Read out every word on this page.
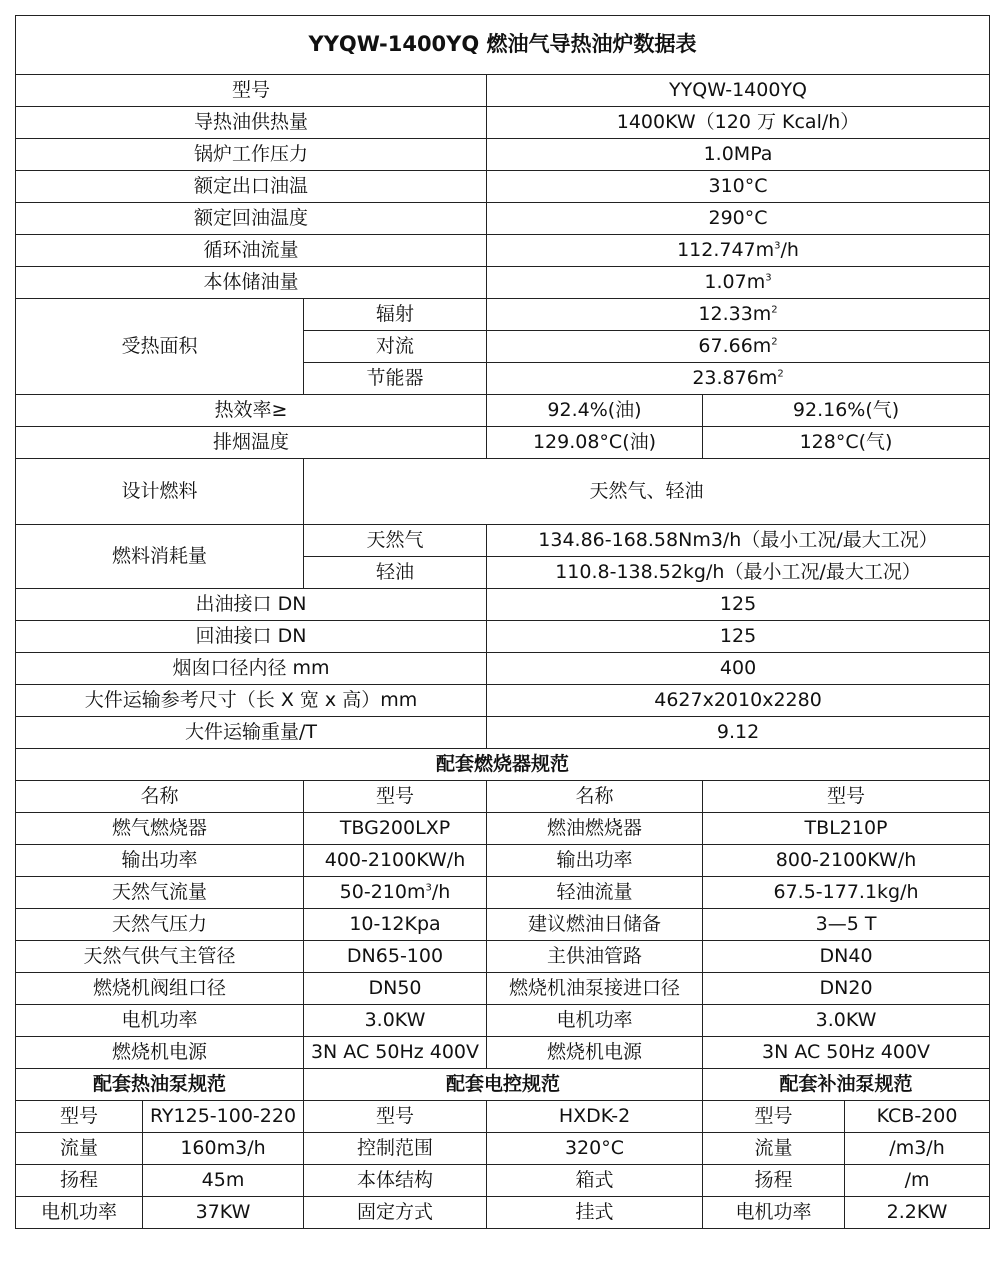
YYQW-1400YQ 燃油气导热油炉数据表					
型号			YYQW-1400YQ		
导热油供热量			1400KW（120 万 Kcal/h）		
锅炉工作压力			1.0MPa		
额定出口油温			310°C		
额定回油温度			290°C		
循环油流量			$112.747m^3/h$		
本体储油量			$1.07m^3$
受热面积		辐射	$12.33m^2$
		对流	$67.66m^2$
		节能器	$23.876m^2$
热效率≥			92.4%(油)	92.16%(气)	
排烟温度			129.08°C(油)	128°C(气)	
设计燃料		天然气、轻油			
燃料消耗量		天然气	134.86-168.58Nm3/h（最小工况/最大工况）		
		轻油	110.8-138.52kg/h（最小工况/最大工况）		
出油接口 DN			125		
回油接口 DN			125		
烟囱口径内径 mm			400		
大件运输参考尺寸（长 X 宽 x 高）mm			4627x2010x2280		
大件运输重量/T			9.12		
配套燃烧器规范					
名称		型号	名称	型号	
燃气燃烧器		TBG200LXP	燃油燃烧器	TBL210P	
输出功率		400-2100KW/h	输出功率	800-2100KW/h	
天然气流量		$50-210m^3/h$	轻油流量	67.5-177.1kg/h	
天然气压力		10-12Kpa	建议燃油日储备	3—5 T	
天然气供气主管径		DN65-100	主供油管路	DN40	
燃烧机阀组口径		DN50	燃烧机油泵接进口径	DN20	
电机功率		3.0KW	电机功率	3.0KW	
燃烧机电源		3N AC 50Hz 400V	燃烧机电源	3N AC 50Hz 400V	
配套热油泵规范		配套电控规范		配套补油泵规范	
型号	RY125-100-220	型号	HXDK-2	型号	KCB-200
流量	160m3/h	控制范围	320°C	流量	/m3/h
扬程	45m	本体结构	箱式	扬程	/m
电机功率	37KW	固定方式	挂式	电机功率	2.2KW
